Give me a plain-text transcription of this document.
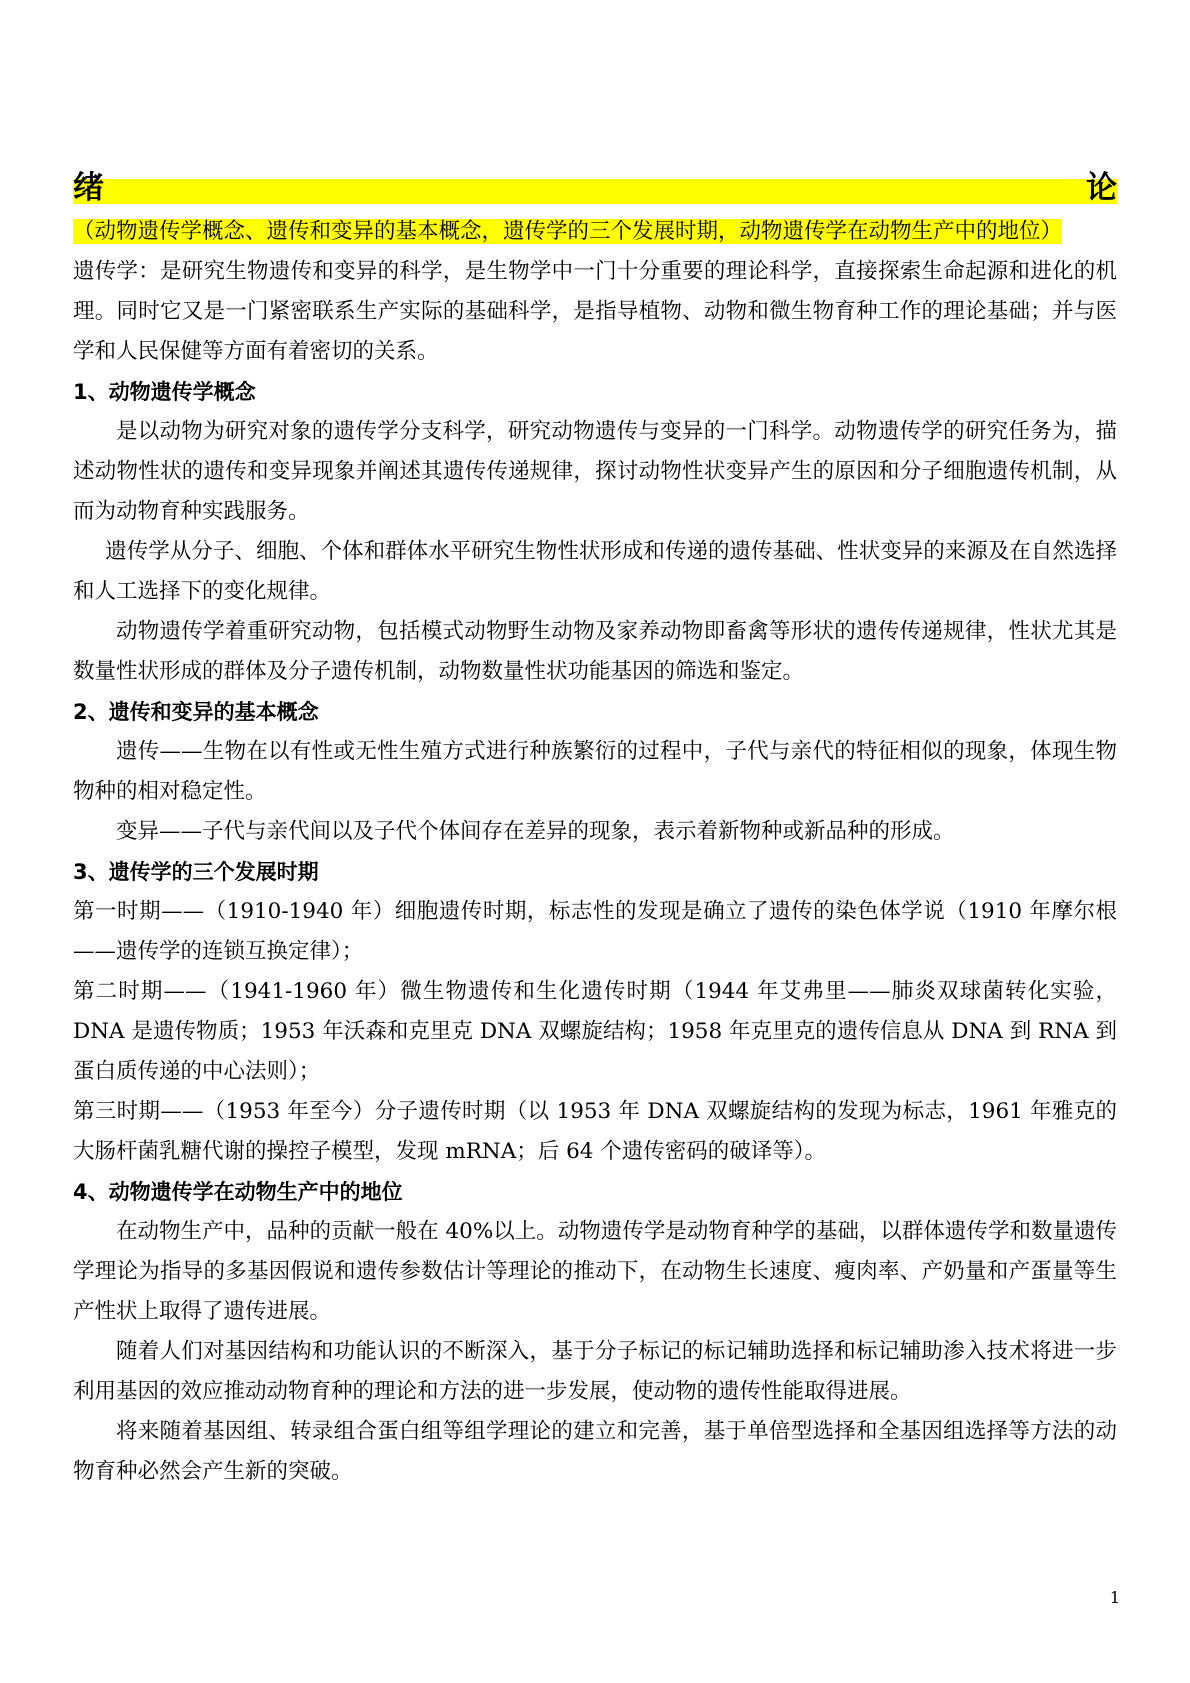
绪论（动物遗传学概念、遗传和变异的基本概念，遗传学的三个发展时期，动物遗传学在动物生产中的地位）

遗传学：是研究生物遗传和变异的科学，是生物学中一门十分重要的理论科学，直接探索生命起源和进化的机理。同时它又是一门紧密联系生产实际的基础科学，是指导植物、动物和微生物育种工作的理论基础；并与医学和人民保健等方面有着密切的关系。

1、动物遗传学概念

是以动物为研究对象的遗传学分支科学，研究动物遗传与变异的一门科学。动物遗传学的研究任务为，描述动物性状的遗传和变异现象并阐述其遗传传递规律，探讨动物性状变异产生的原因和分子细胞遗传机制，从而为动物育种实践服务。

遗传学从分子、细胞、个体和群体水平研究生物性状形成和传递的遗传基础、性状变异的来源及在自然选择和人工选择下的变化规律。

动物遗传学着重研究动物，包括模式动物野生动物及家养动物即畜禽等形状的遗传传递规律，性状尤其是数量性状形成的群体及分子遗传机制，动物数量性状功能基因的筛选和鉴定。

2、遗传和变异的基本概念

遗传——生物在以有性或无性生殖方式进行种族繁衍的过程中，子代与亲代的特征相似的现象，体现生物物种的相对稳定性。

变异——子代与亲代间以及子代个体间存在差异的现象，表示着新物种或新品种的形成。

3、遗传学的三个发展时期

第一时期——（1910-1940 年）细胞遗传时期，标志性的发现是确立了遗传的染色体学说（1910 年摩尔根——遗传学的连锁互换定律）；

第二时期——（1941-1960 年）微生物遗传和生化遗传时期（1944 年艾弗里——肺炎双球菌转化实验，DNA 是遗传物质；1953 年沃森和克里克 DNA 双螺旋结构；1958 年克里克的遗传信息从 DNA 到 RNA 到蛋白质传递的中心法则）；

第三时期——（1953 年至今）分子遗传时期（以 1953 年 DNA 双螺旋结构的发现为标志，1961 年雅克的大肠杆菌乳糖代谢的操控子模型，发现 mRNA；后 64 个遗传密码的破译等）。

4、动物遗传学在动物生产中的地位

在动物生产中，品种的贡献一般在 40%以上。动物遗传学是动物育种学的基础，以群体遗传学和数量遗传学理论为指导的多基因假说和遗传参数估计等理论的推动下，在动物生长速度、瘦肉率、产奶量和产蛋量等生产性状上取得了遗传进展。

随着人们对基因结构和功能认识的不断深入，基于分子标记的标记辅助选择和标记辅助渗入技术将进一步利用基因的效应推动动物育种的理论和方法的进一步发展，使动物的遗传性能取得进展。

将来随着基因组、转录组合蛋白组等组学理论的建立和完善，基于单倍型选择和全基因组选择等方法的动物育种必然会产生新的突破。

1
